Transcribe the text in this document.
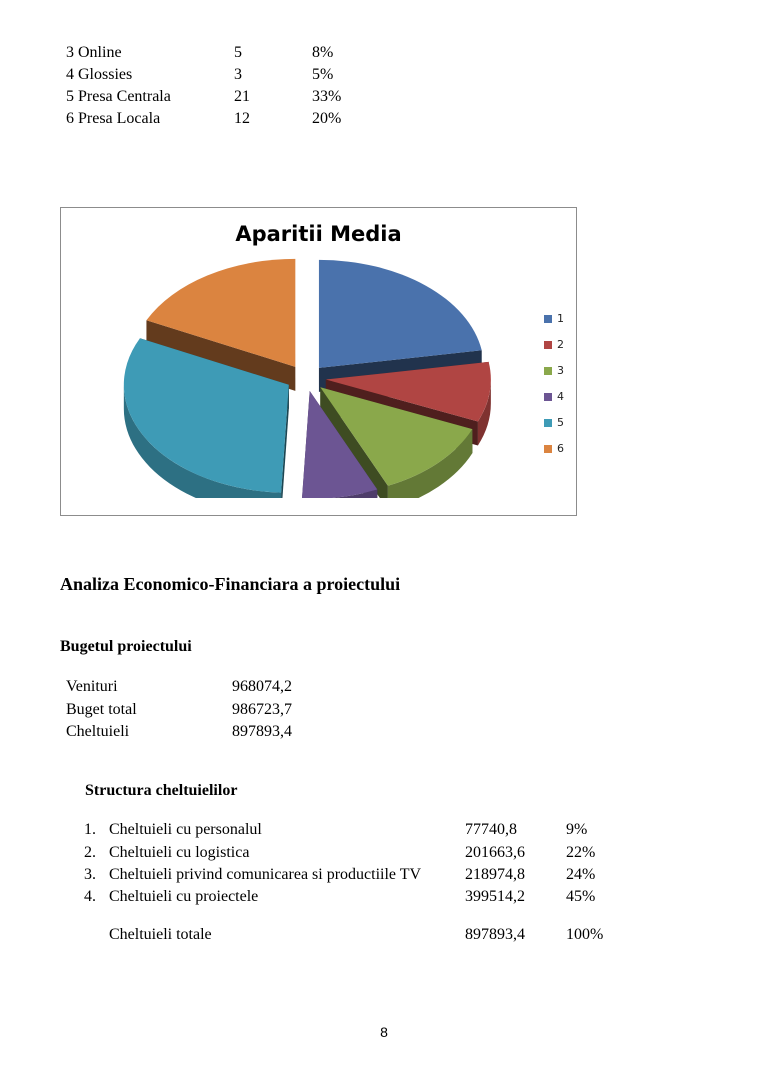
3 Online	5	8%
4 Glossies	3	5%
5 Presa Centrala	21	33%
6 Presa Locala	12	20%
Aparitii Media
1
2
3
4
5
6
Analiza Economico-Financiara a proiectului
Bugetul proiectului
Venituri	968074,2
Buget total	986723,7
Cheltuieli	897893,4
Structura cheltuielilor
1. Cheltuieli cu personalul	77740,8	9%
2. Cheltuieli cu logistica	201663,6	22%
3. Cheltuieli privind comunicarea si productiile TV	218974,8	24%
4. Cheltuieli cu proiectele	399514,2	45%
Cheltuieli totale	897893,4	100%
8
